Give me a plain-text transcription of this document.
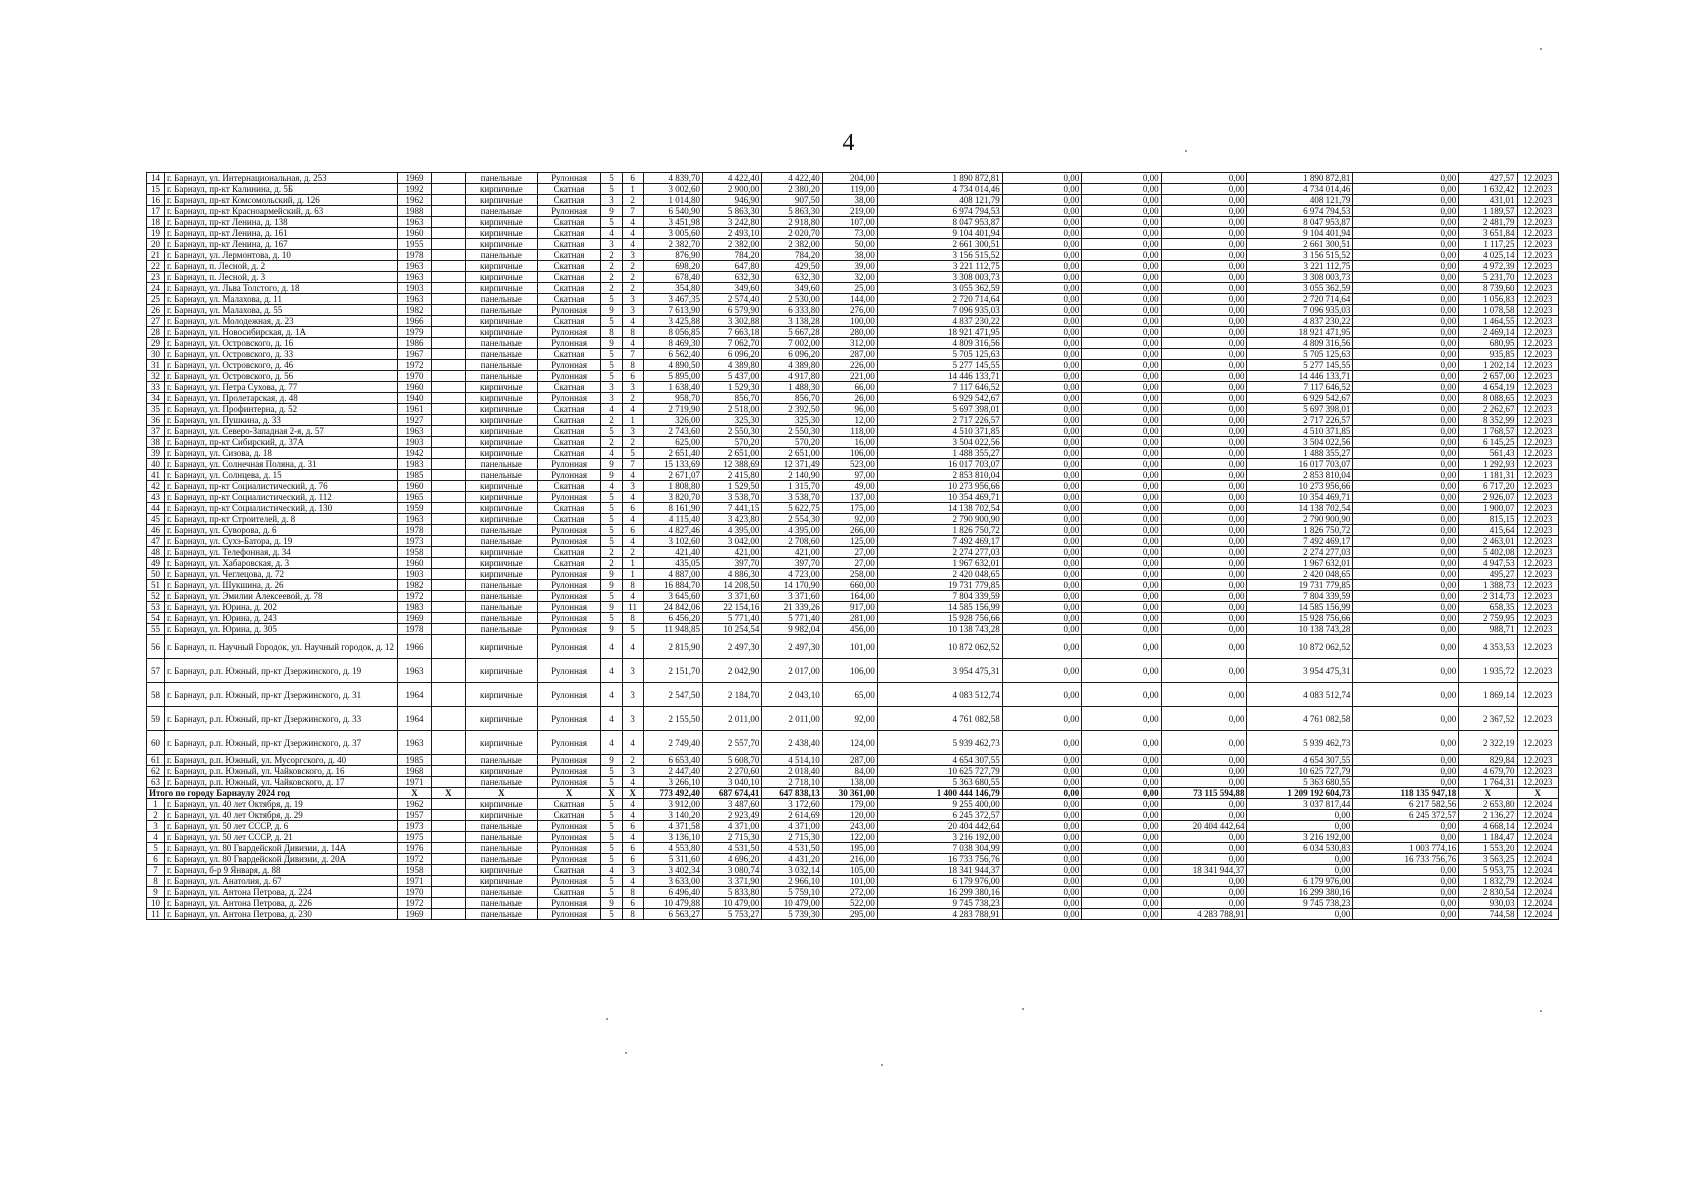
4
14	г. Барнаул, ул. Интернациональная, д. 253	1969		панельные	Рулонная	5	6	4 839,70	4 422,40	4 422,40	204,00	1 890 872,81	0,00	0,00	0,00	1 890 872,81	0,00	427,57	12.2023
15	г. Барнаул, пр-кт Калинина, д. 5Б	1992		кирпичные	Скатная	5	1	3 002,60	2 900,00	2 380,20	119,00	4 734 014,46	0,00	0,00	0,00	4 734 014,46	0,00	1 632,42	12.2023
16	г. Барнаул, пр-кт Комсомольский, д. 126	1962		кирпичные	Скатная	3	2	1 014,80	946,90	907,50	38,00	408 121,79	0,00	0,00	0,00	408 121,79	0,00	431,01	12.2023
17	г. Барнаул, пр-кт Красноармейский, д. 63	1988		панельные	Рулонная	9	7	6 540,90	5 863,30	5 863,30	219,00	6 974 794,53	0,00	0,00	0,00	6 974 794,53	0,00	1 189,57	12.2023
18	г. Барнаул, пр-кт Ленина, д. 138	1963		кирпичные	Скатная	5	4	3 451,98	3 242,80	2 918,80	107,00	8 047 953,87	0,00	0,00	0,00	8 047 953,87	0,00	2 481,79	12.2023
19	г. Барнаул, пр-кт Ленина, д. 161	1960		кирпичные	Скатная	4	4	3 005,60	2 493,10	2 020,70	73,00	9 104 401,94	0,00	0,00	0,00	9 104 401,94	0,00	3 651,84	12.2023
20	г. Барнаул, пр-кт Ленина, д. 167	1955		кирпичные	Скатная	3	4	2 382,70	2 382,00	2 382,00	50,00	2 661 300,51	0,00	0,00	0,00	2 661 300,51	0,00	1 117,25	12.2023
21	г. Барнаул, ул. Лермонтова, д. 10	1978		панельные	Скатная	2	3	876,90	784,20	784,20	38,00	3 156 515,52	0,00	0,00	0,00	3 156 515,52	0,00	4 025,14	12.2023
22	г. Барнаул, п. Лесной, д. 2	1963		кирпичные	Скатная	2	2	698,20	647,80	429,50	39,00	3 221 112,75	0,00	0,00	0,00	3 221 112,75	0,00	4 972,39	12.2023
23	г. Барнаул, п. Лесной, д. 3	1963		кирпичные	Скатная	2	2	678,40	632,30	632,30	32,00	3 308 003,73	0,00	0,00	0,00	3 308 003,73	0,00	5 231,70	12.2023
24	г. Барнаул, ул. Льва Толстого, д. 18	1903		кирпичные	Скатная	2	2	354,80	349,60	349,60	25,00	3 055 362,59	0,00	0,00	0,00	3 055 362,59	0,00	8 739,60	12.2023
25	г. Барнаул, ул. Малахова, д. 11	1963		панельные	Скатная	5	3	3 467,35	2 574,40	2 530,00	144,00	2 720 714,64	0,00	0,00	0,00	2 720 714,64	0,00	1 056,83	12.2023
26	г. Барнаул, ул. Малахова, д. 55	1982		панельные	Рулонная	9	3	7 613,90	6 579,90	6 333,80	276,00	7 096 935,03	0,00	0,00	0,00	7 096 935,03	0,00	1 078,58	12.2023
27	г. Барнаул, ул. Молодежная, д. 23	1966		кирпичные	Скатная	5	4	3 425,88	3 302,88	3 138,28	100,00	4 837 230,22	0,00	0,00	0,00	4 837 230,22	0,00	1 464,55	12.2023
28	г. Барнаул, ул. Новосибирская, д. 1А	1979		кирпичные	Рулонная	8	8	8 056,85	7 663,18	5 667,28	280,00	18 921 471,95	0,00	0,00	0,00	18 921 471,95	0,00	2 469,14	12.2023
29	г. Барнаул, ул. Островского, д. 16	1986		панельные	Рулонная	9	4	8 469,30	7 062,70	7 002,00	312,00	4 809 316,56	0,00	0,00	0,00	4 809 316,56	0,00	680,95	12.2023
30	г. Барнаул, ул. Островского, д. 33	1967		панельные	Скатная	5	7	6 562,40	6 096,20	6 096,20	287,00	5 705 125,63	0,00	0,00	0,00	5 705 125,63	0,00	935,85	12.2023
31	г. Барнаул, ул. Островского, д. 46	1972		панельные	Рулонная	5	8	4 890,50	4 389,80	4 389,80	226,00	5 277 145,55	0,00	0,00	0,00	5 277 145,55	0,00	1 202,14	12.2023
32	г. Барнаул, ул. Островского, д. 56	1970		панельные	Рулонная	5	6	5 895,00	5 437,00	4 917,80	221,00	14 446 133,71	0,00	0,00	0,00	14 446 133,71	0,00	2 657,00	12.2023
33	г. Барнаул, ул. Петра Сухова, д. 77	1960		кирпичные	Скатная	3	3	1 638,40	1 529,30	1 488,30	66,00	7 117 646,52	0,00	0,00	0,00	7 117 646,52	0,00	4 654,19	12.2023
34	г. Барнаул, ул. Пролетарская, д. 48	1940		кирпичные	Рулонная	3	2	958,70	856,70	856,70	26,00	6 929 542,67	0,00	0,00	0,00	6 929 542,67	0,00	8 088,65	12.2023
35	г. Барнаул, ул. Профинтерна, д. 52	1961		кирпичные	Скатная	4	4	2 719,90	2 518,00	2 392,50	96,00	5 697 398,01	0,00	0,00	0,00	5 697 398,01	0,00	2 262,67	12.2023
36	г. Барнаул, ул. Пушкина, д. 33	1927		кирпичные	Скатная	2	1	326,00	325,30	325,30	12,00	2 717 226,57	0,00	0,00	0,00	2 717 226,57	0,00	8 352,99	12.2023
37	г. Барнаул, ул. Северо-Западная 2-я, д. 57	1963		кирпичные	Скатная	5	3	2 743,60	2 550,30	2 550,30	118,00	4 510 371,85	0,00	0,00	0,00	4 510 371,85	0,00	1 768,57	12.2023
38	г. Барнаул, пр-кт Сибирский, д. 37А	1903		кирпичные	Скатная	2	2	625,00	570,20	570,20	16,00	3 504 022,56	0,00	0,00	0,00	3 504 022,56	0,00	6 145,25	12.2023
39	г. Барнаул, ул. Сизова, д. 18	1942		кирпичные	Скатная	4	5	2 651,40	2 651,00	2 651,00	106,00	1 488 355,27	0,00	0,00	0,00	1 488 355,27	0,00	561,43	12.2023
40	г. Барнаул, ул. Солнечная Поляна, д. 31	1983		панельные	Рулонная	9	7	15 133,69	12 388,69	12 371,49	523,00	16 017 703,07	0,00	0,00	0,00	16 017 703,07	0,00	1 292,93	12.2023
41	г. Барнаул, ул. Солнцева, д. 15	1985		панельные	Рулонная	9	4	2 671,07	2 415,80	2 140,90	97,00	2 853 810,04	0,00	0,00	0,00	2 853 810,04	0,00	1 181,31	12.2023
42	г. Барнаул, пр-кт Социалистический, д. 76	1960		кирпичные	Скатная	4	3	1 808,80	1 529,50	1 315,70	49,00	10 273 956,66	0,00	0,00	0,00	10 273 956,66	0,00	6 717,20	12.2023
43	г. Барнаул, пр-кт Социалистический, д. 112	1965		кирпичные	Рулонная	5	4	3 820,70	3 538,70	3 538,70	137,00	10 354 469,71	0,00	0,00	0,00	10 354 469,71	0,00	2 926,07	12.2023
44	г. Барнаул, пр-кт Социалистический, д. 130	1959		кирпичные	Скатная	5	6	8 161,90	7 441,15	5 622,75	175,00	14 138 702,54	0,00	0,00	0,00	14 138 702,54	0,00	1 900,07	12.2023
45	г. Барнаул, пр-кт Строителей, д. 8	1963		кирпичные	Скатная	5	4	4 115,40	3 423,80	2 554,30	92,00	2 790 900,90	0,00	0,00	0,00	2 790 900,90	0,00	815,15	12.2023
46	г. Барнаул, ул. Суворова, д. 6	1978		панельные	Рулонная	5	6	4 827,46	4 395,00	4 395,00	266,00	1 826 750,72	0,00	0,00	0,00	1 826 750,72	0,00	415,64	12.2023
47	г. Барнаул, ул. Сухэ-Батора, д. 19	1973		панельные	Рулонная	5	4	3 102,60	3 042,00	2 708,60	125,00	7 492 469,17	0,00	0,00	0,00	7 492 469,17	0,00	2 463,01	12.2023
48	г. Барнаул, ул. Телефонная, д. 34	1958		кирпичные	Скатная	2	2	421,40	421,00	421,00	27,00	2 274 277,03	0,00	0,00	0,00	2 274 277,03	0,00	5 402,08	12.2023
49	г. Барнаул, ул. Хабаровская, д. 3	1960		кирпичные	Скатная	2	1	435,05	397,70	397,70	27,00	1 967 632,01	0,00	0,00	0,00	1 967 632,01	0,00	4 947,53	12.2023
50	г. Барнаул, ул. Чеглецова, д. 72	1903		кирпичные	Рулонная	9	1	4 887,00	4 886,30	4 723,00	258,00	2 420 048,65	0,00	0,00	0,00	2 420 048,65	0,00	495,27	12.2023
51	г. Барнаул, ул. Шукшина, д. 26	1982		панельные	Рулонная	9	8	16 884,70	14 208,50	14 170,90	660,00	19 731 779,85	0,00	0,00	0,00	19 731 779,85	0,00	1 388,73	12.2023
52	г. Барнаул, ул. Эмилии Алексеевой, д. 78	1972		панельные	Рулонная	5	4	3 645,60	3 371,60	3 371,60	164,00	7 804 339,59	0,00	0,00	0,00	7 804 339,59	0,00	2 314,73	12.2023
53	г. Барнаул, ул. Юрина, д. 202	1983		панельные	Рулонная	9	11	24 842,06	22 154,16	21 339,26	917,00	14 585 156,99	0,00	0,00	0,00	14 585 156,99	0,00	658,35	12.2023
54	г. Барнаул, ул. Юрина, д. 243	1969		панельные	Рулонная	5	8	6 456,20	5 771,40	5 771,40	281,00	15 928 756,66	0,00	0,00	0,00	15 928 756,66	0,00	2 759,95	12.2023
55	г. Барнаул, ул. Юрина, д. 305	1978		панельные	Рулонная	9	5	11 948,85	10 254,54	9 982,04	456,00	10 138 743,28	0,00	0,00	0,00	10 138 743,28	0,00	988,71	12.2023
56	г. Барнаул, п. Научный Городок, ул. Научный городок, д. 12	1966		кирпичные	Рулонная	4	4	2 815,90	2 497,30	2 497,30	101,00	10 872 062,52	0,00	0,00	0,00	10 872 062,52	0,00	4 353,53	12.2023
57	г. Барнаул, р.п. Южный, пр-кт Дзержинского, д. 19	1963		кирпичные	Рулонная	4	3	2 151,70	2 042,90	2 017,00	106,00	3 954 475,31	0,00	0,00	0,00	3 954 475,31	0,00	1 935,72	12.2023
58	г. Барнаул, р.п. Южный, пр-кт Дзержинского, д. 31	1964		кирпичные	Рулонная	4	3	2 547,50	2 184,70	2 043,10	65,00	4 083 512,74	0,00	0,00	0,00	4 083 512,74	0,00	1 869,14	12.2023
59	г. Барнаул, р.п. Южный, пр-кт Дзержинского, д. 33	1964		кирпичные	Рулонная	4	3	2 155,50	2 011,00	2 011,00	92,00	4 761 082,58	0,00	0,00	0,00	4 761 082,58	0,00	2 367,52	12.2023
60	г. Барнаул, р.п. Южный, пр-кт Дзержинского, д. 37	1963		кирпичные	Рулонная	4	4	2 749,40	2 557,70	2 438,40	124,00	5 939 462,73	0,00	0,00	0,00	5 939 462,73	0,00	2 322,19	12.2023
61	г. Барнаул, р.п. Южный, ул. Мусоргского, д. 40	1985		панельные	Рулонная	9	2	6 653,40	5 608,70	4 514,10	287,00	4 654 307,55	0,00	0,00	0,00	4 654 307,55	0,00	829,84	12.2023
62	г. Барнаул, р.п. Южный, ул. Чайковского, д. 16	1968		кирпичные	Рулонная	5	3	2 447,40	2 270,60	2 018,40	84,00	10 625 727,79	0,00	0,00	0,00	10 625 727,79	0,00	4 679,70	12.2023
63	г. Барнаул, р.п. Южный, ул. Чайковского, д. 17	1971		панельные	Рулонная	5	4	3 266,10	3 040,10	2 718,10	138,00	5 363 680,55	0,00	0,00	0,00	5 363 680,55	0,00	1 764,31	12.2023
Итого по городу Барнаулу 2024 год		X	X	X	X	X	X	773 492,40	687 674,41	647 838,13	30 361,00	1 400 444 146,79	0,00	0,00	73 115 594,88	1 209 192 604,73	118 135 947,18	X	X
1	г. Барнаул, ул. 40 лет Октября, д. 19	1962		кирпичные	Скатная	5	4	3 912,00	3 487,60	3 172,60	179,00	9 255 400,00	0,00	0,00	0,00	3 037 817,44	6 217 582,56	2 653,80	12.2024
2	г. Барнаул, ул. 40 лет Октября, д. 29	1957		кирпичные	Скатная	5	4	3 140,20	2 923,49	2 614,69	120,00	6 245 372,57	0,00	0,00	0,00	0,00	6 245 372,57	2 136,27	12.2024
3	г. Барнаул, ул. 50 лет СССР, д. 6	1973		панельные	Рулонная	5	6	4 371,58	4 371,00	4 371,00	243,00	20 404 442,64	0,00	0,00	20 404 442,64	0,00	0,00	4 668,14	12.2024
4	г. Барнаул, ул. 50 лет СССР, д. 21	1975		панельные	Рулонная	5	4	3 136,10	2 715,30	2 715,30	122,00	3 216 192,00	0,00	0,00	0,00	3 216 192,00	0,00	1 184,47	12.2024
5	г. Барнаул, ул. 80 Гвардейской Дивизии, д. 14А	1976		панельные	Рулонная	5	6	4 553,80	4 531,50	4 531,50	195,00	7 038 304,99	0,00	0,00	0,00	6 034 530,83	1 003 774,16	1 553,20	12.2024
6	г. Барнаул, ул. 80 Гвардейской Дивизии, д. 20А	1972		панельные	Рулонная	5	6	5 311,60	4 696,20	4 431,20	216,00	16 733 756,76	0,00	0,00	0,00	0,00	16 733 756,76	3 563,25	12.2024
7	г. Барнаул, б-р 9 Января, д. 88	1958		кирпичные	Скатная	4	3	3 402,34	3 080,74	3 032,14	105,00	18 341 944,37	0,00	0,00	18 341 944,37	0,00	0,00	5 953,75	12.2024
8	г. Барнаул, ул. Анатолия, д. 67	1971		кирпичные	Рулонная	5	4	3 633,00	3 371,90	2 966,10	101,00	6 179 976,00	0,00	0,00	0,00	6 179 976,00	0,00	1 832,79	12.2024
9	г. Барнаул, ул. Антона Петрова, д. 224	1970		панельные	Скатная	5	8	6 496,40	5 833,80	5 759,10	272,00	16 299 380,16	0,00	0,00	0,00	16 299 380,16	0,00	2 830,54	12.2024
10	г. Барнаул, ул. Антона Петрова, д. 226	1972		панельные	Рулонная	9	6	10 479,88	10 479,00	10 479,00	522,00	9 745 738,23	0,00	0,00	0,00	9 745 738,23	0,00	930,03	12.2024
11	г. Барнаул, ул. Антона Петрова, д. 230	1969		панельные	Рулонная	5	8	6 563,27	5 753,27	5 739,30	295,00	4 283 788,91	0,00	0,00	4 283 788,91	0,00	0,00	744,58	12.2024
